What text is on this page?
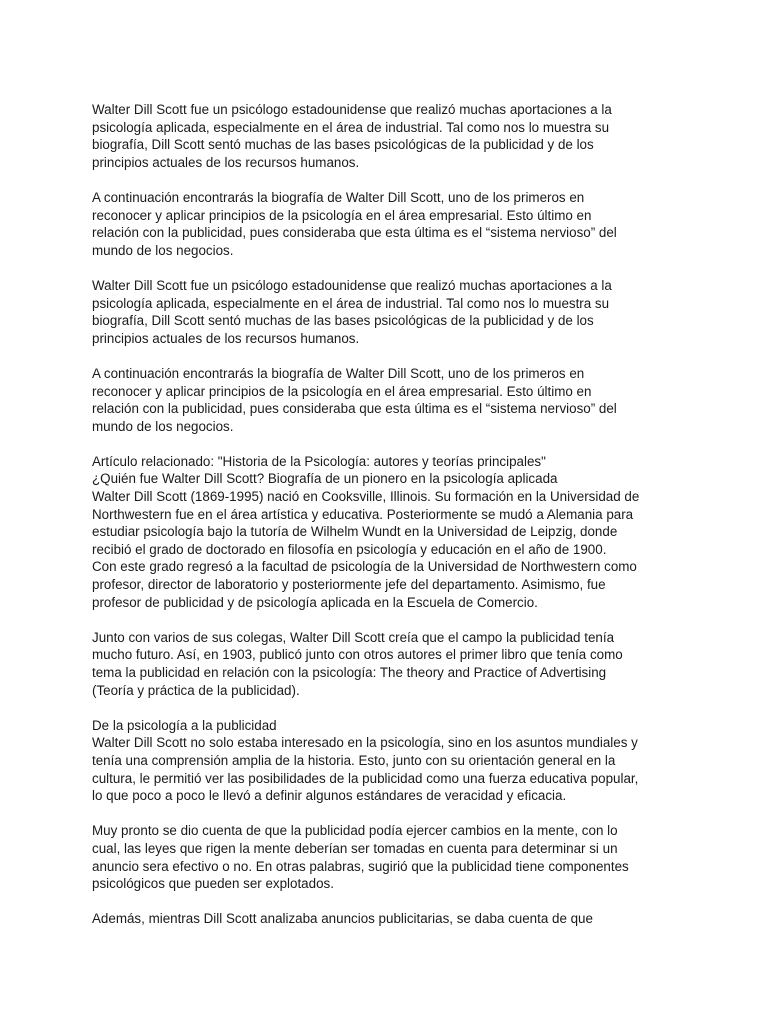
Walter Dill Scott fue un psicólogo estadounidense que realizó muchas aportaciones a la
psicología aplicada, especialmente en el área de industrial. Tal como nos lo muestra su
biografía, Dill Scott sentó muchas de las bases psicológicas de la publicidad y de los
principios actuales de los recursos humanos.
A continuación encontrarás la biografía de Walter Dill Scott, uno de los primeros en
reconocer y aplicar principios de la psicología en el área empresarial. Esto último en
relación con la publicidad, pues consideraba que esta última es el “sistema nervioso” del
mundo de los negocios.
Walter Dill Scott fue un psicólogo estadounidense que realizó muchas aportaciones a la
psicología aplicada, especialmente en el área de industrial. Tal como nos lo muestra su
biografía, Dill Scott sentó muchas de las bases psicológicas de la publicidad y de los
principios actuales de los recursos humanos.
A continuación encontrarás la biografía de Walter Dill Scott, uno de los primeros en
reconocer y aplicar principios de la psicología en el área empresarial. Esto último en
relación con la publicidad, pues consideraba que esta última es el “sistema nervioso” del
mundo de los negocios.
Artículo relacionado: "Historia de la Psicología: autores y teorías principales"
¿Quién fue Walter Dill Scott? Biografía de un pionero en la psicología aplicada
Walter Dill Scott (1869-1995) nació en Cooksville, Illinois. Su formación en la Universidad de
Northwestern fue en el área artística y educativa. Posteriormente se mudó a Alemania para
estudiar psicología bajo la tutoría de Wilhelm Wundt en la Universidad de Leipzig, donde
recibió el grado de doctorado en filosofía en psicología y educación en el año de 1900.
Con este grado regresó a la facultad de psicología de la Universidad de Northwestern como
profesor, director de laboratorio y posteriormente jefe del departamento. Asimismo, fue
profesor de publicidad y de psicología aplicada en la Escuela de Comercio.
Junto con varios de sus colegas, Walter Dill Scott creía que el campo la publicidad tenía
mucho futuro. Así, en 1903, publicó junto con otros autores el primer libro que tenía como
tema la publicidad en relación con la psicología: The theory and Practice of Advertising
(Teoría y práctica de la publicidad).
De la psicología a la publicidad
Walter Dill Scott no solo estaba interesado en la psicología, sino en los asuntos mundiales y
tenía una comprensión amplia de la historia. Esto, junto con su orientación general en la
cultura, le permitió ver las posibilidades de la publicidad como una fuerza educativa popular,
lo que poco a poco le llevó a definir algunos estándares de veracidad y eficacia.
Muy pronto se dio cuenta de que la publicidad podía ejercer cambios en la mente, con lo
cual, las leyes que rigen la mente deberían ser tomadas en cuenta para determinar si un
anuncio sera efectivo o no. En otras palabras, sugirió que la publicidad tiene componentes
psicológicos que pueden ser explotados.
Además, mientras Dill Scott analizaba anuncios publicitarias, se daba cuenta de que
